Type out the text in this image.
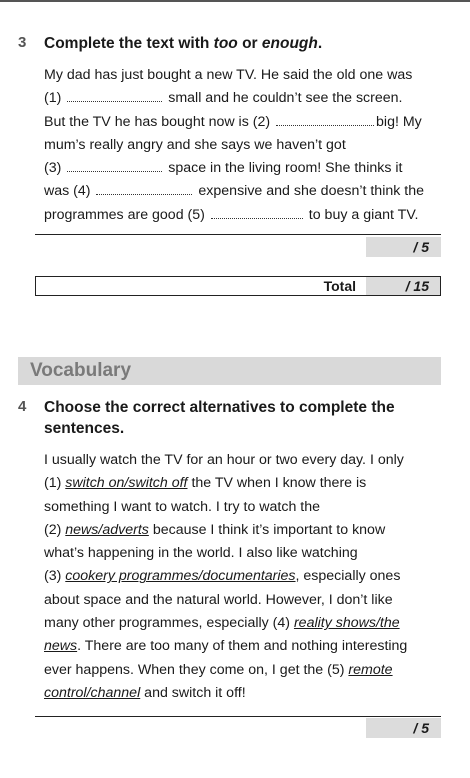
3 Complete the text with too or enough.
My dad has just bought a new TV. He said the old one was
(1)	small and he couldn’t see the screen.
But the TV he has bought now is (2)	big! My
mum’s really angry and she says we haven’t got
(3)	space in the living room! She thinks it
was (4)	expensive and she doesn’t think the
programmes are good (5)	to buy a giant TV.
/ 5
Total	/ 15
Vocabulary
4 Choose the correct alternatives to complete the
sentences.
I usually watch the TV for an hour or two every day. I only
(1) switch on/switch off the TV when I know there is
something I want to watch. I try to watch the
(2) news/adverts because I think it’s important to know
what’s happening in the world. I also like watching
(3) cookery programmes/documentaries, especially ones
about space and the natural world. However, I don’t like
many other programmes, especially (4) reality shows/the
news. There are too many of them and nothing interesting
ever happens. When they come on, I get the (5) remote
control/channel and switch it off!
/ 5
